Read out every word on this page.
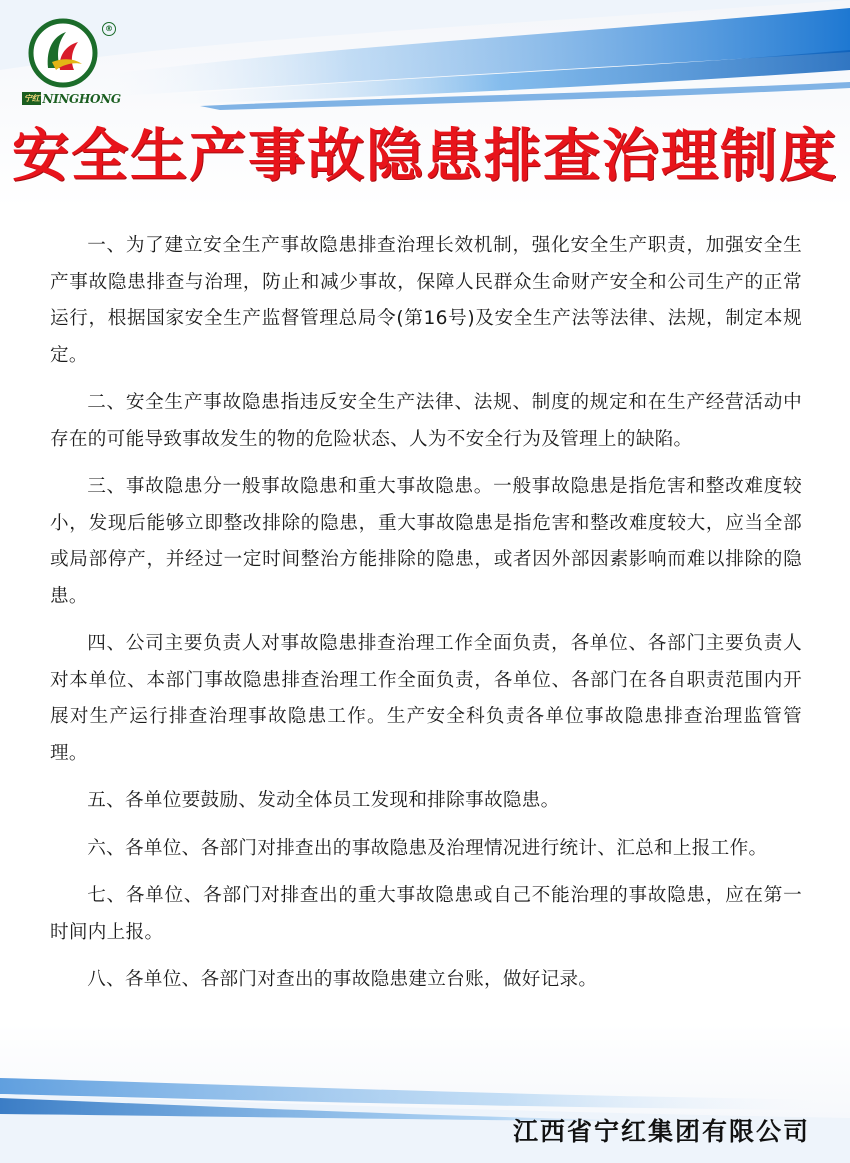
®
宁红 NINGHONG
安全生产事故隐患排查治理制度

一、为了建立安全生产事故隐患排查治理长效机制，强化安全生产职责，加强安全生产事故隐患排查与治理，防止和减少事故，保障人民群众生命财产安全和公司生产的正常运行，根据国家安全生产监督管理总局令(第16号)及安全生产法等法律、法规，制定本规定。

二、安全生产事故隐患指违反安全生产法律、法规、制度的规定和在生产经营活动中存在的可能导致事故发生的物的危险状态、人为不安全行为及管理上的缺陷。

三、事故隐患分一般事故隐患和重大事故隐患。一般事故隐患是指危害和整改难度较小，发现后能够立即整改排除的隐患，重大事故隐患是指危害和整改难度较大，应当全部或局部停产，并经过一定时间整治方能排除的隐患，或者因外部因素影响而难以排除的隐患。

四、公司主要负责人对事故隐患排查治理工作全面负责，各单位、各部门主要负责人对本单位、本部门事故隐患排查治理工作全面负责，各单位、各部门在各自职责范围内开展对生产运行排查治理事故隐患工作。生产安全科负责各单位事故隐患排查治理监管管理。

五、各单位要鼓励、发动全体员工发现和排除事故隐患。

六、各单位、各部门对排查出的事故隐患及治理情况进行统计、汇总和上报工作。

七、各单位、各部门对排查出的重大事故隐患或自己不能治理的事故隐患，应在第一时间内上报。

八、各单位、各部门对查出的事故隐患建立台账，做好记录。

江西省宁红集团有限公司
